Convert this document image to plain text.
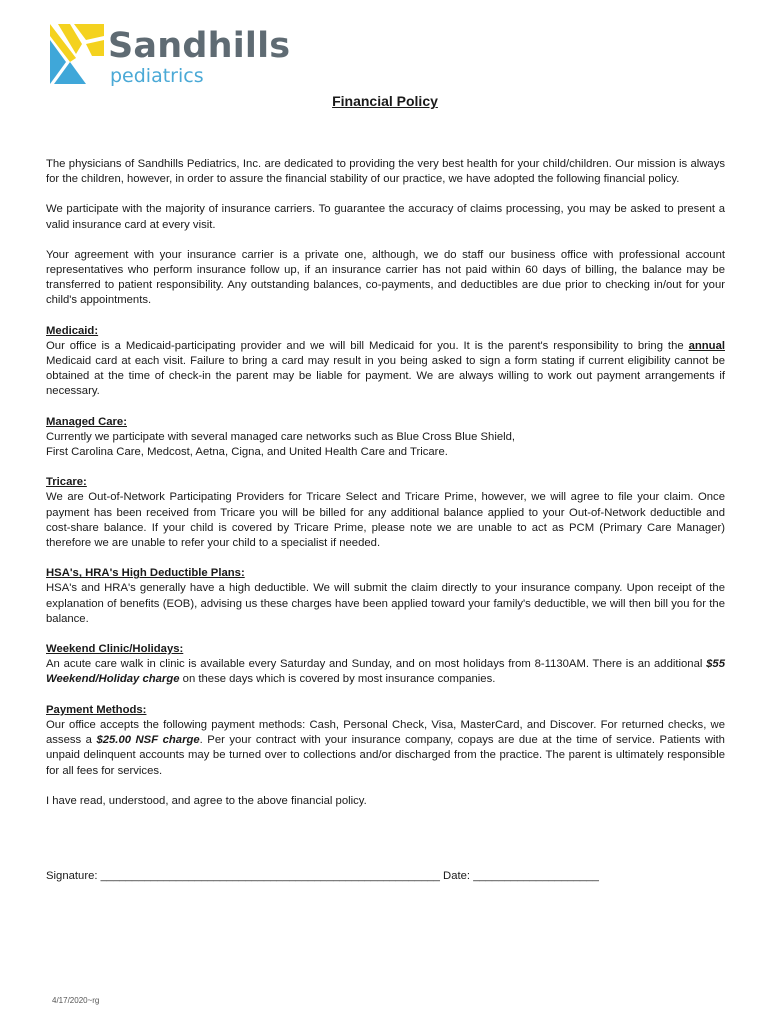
Sandhills
pediatrics
Financial Policy

The physicians of Sandhills Pediatrics, Inc. are dedicated to providing the very best health for your child/children. Our mission is always for the children, however, in order to assure the financial stability of our practice, we have adopted the following financial policy.

We participate with the majority of insurance carriers. To guarantee the accuracy of claims processing, you may be asked to present a valid insurance card at every visit.

Your agreement with your insurance carrier is a private one, although, we do staff our business office with professional account representatives who perform insurance follow up, if an insurance carrier has not paid within 60 days of billing, the balance may be transferred to patient responsibility. Any outstanding balances, co-payments, and deductibles are due prior to checking in/out for your child's appointments.

Medicaid:

Our office is a Medicaid-participating provider and we will bill Medicaid for you. It is the parent's responsibility to bring the annual Medicaid card at each visit. Failure to bring a card may result in you being asked to sign a form stating if current eligibility cannot be obtained at the time of check-in the parent may be liable for payment. We are always willing to work out payment arrangements if necessary.

Managed Care:

Currently we participate with several managed care networks such as Blue Cross Blue Shield,

First Carolina Care, Medcost, Aetna, Cigna, and United Health Care and Tricare.

Tricare:

We are Out-of-Network Participating Providers for Tricare Select and Tricare Prime, however, we will agree to file your claim. Once payment has been received from Tricare you will be billed for any additional balance applied to your Out-of-Network deductible and cost-share balance. If your child is covered by Tricare Prime, please note we are unable to act as PCM (Primary Care Manager) therefore we are unable to refer your child to a specialist if needed.

HSA's, HRA's High Deductible Plans:

HSA's and HRA's generally have a high deductible. We will submit the claim directly to your insurance company. Upon receipt of the explanation of benefits (EOB), advising us these charges have been applied toward your family's deductible, we will then bill you for the balance.

Weekend Clinic/Holidays:

An acute care walk in clinic is available every Saturday and Sunday, and on most holidays from 8-1130AM. There is an additional $55 Weekend/Holiday charge on these days which is covered by most insurance companies.

Payment Methods:

Our office accepts the following payment methods: Cash, Personal Check, Visa, MasterCard, and Discover. For returned checks, we assess a $25.00 NSF charge. Per your contract with your insurance company, copays are due at the time of service. Patients with unpaid delinquent accounts may be turned over to collections and/or discharged from the practice. The parent is ultimately responsible for all fees for services.

I have read, understood, and agree to the above financial policy.

Signature: ______________________________________________________ Date: ____________________
4/17/2020~rg
